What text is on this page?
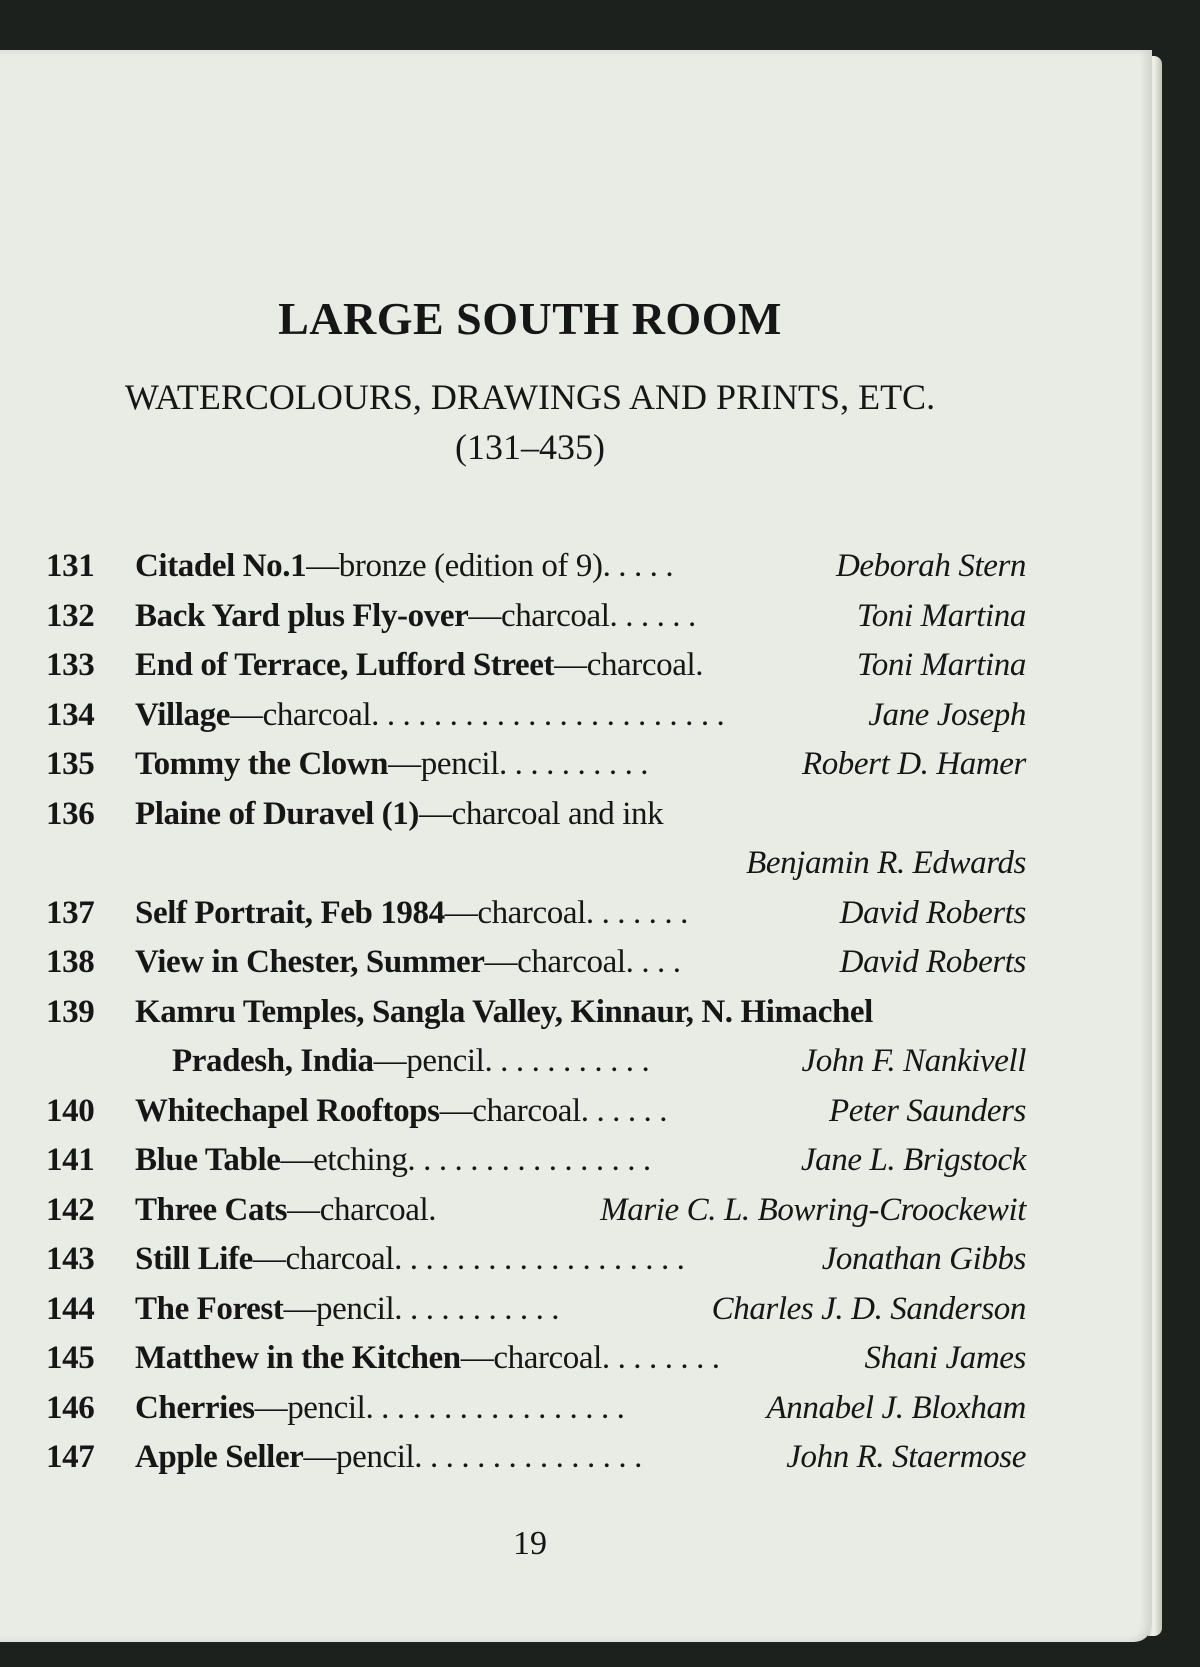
LARGE SOUTH ROOM
WATERCOLOURS, DRAWINGS AND PRINTS, ETC.
(131–435)
131	Citadel No.1—bronze (edition of 9). . . . .	Deborah Stern
132	Back Yard plus Fly-over—charcoal. . . . . .	Toni Martina
133	End of Terrace, Lufford Street—charcoal.	Toni Martina
134	Village—charcoal. . . . . . . . . . . . . . . . . . . . . . .	Jane Joseph
135	Tommy the Clown—pencil. . . . . . . . . .	Robert D. Hamer
136	Plaine of Duravel (1)—charcoal and ink
Benjamin R. Edwards
137	Self Portrait, Feb 1984—charcoal. . . . . . .	David Roberts
138	View in Chester, Summer—charcoal. . . .	David Roberts
139	Kamru Temples, Sangla Valley, Kinnaur, N. Himachel
Pradesh, India—pencil. . . . . . . . . . .	John F. Nankivell
140	Whitechapel Rooftops—charcoal. . . . . .	Peter Saunders
141	Blue Table—etching. . . . . . . . . . . . . . . .	Jane L. Brigstock
142	Three Cats—charcoal.	Marie C. L. Bowring-Croockewit
143	Still Life—charcoal. . . . . . . . . . . . . . . . . . .	Jonathan Gibbs
144	The Forest—pencil. . . . . . . . . . .	Charles J. D. Sanderson
145	Matthew in the Kitchen—charcoal. . . . . . . .	Shani James
146	Cherries—pencil. . . . . . . . . . . . . . . . .	Annabel J. Bloxham
147	Apple Seller—pencil. . . . . . . . . . . . . . .	John R. Staermose
19
